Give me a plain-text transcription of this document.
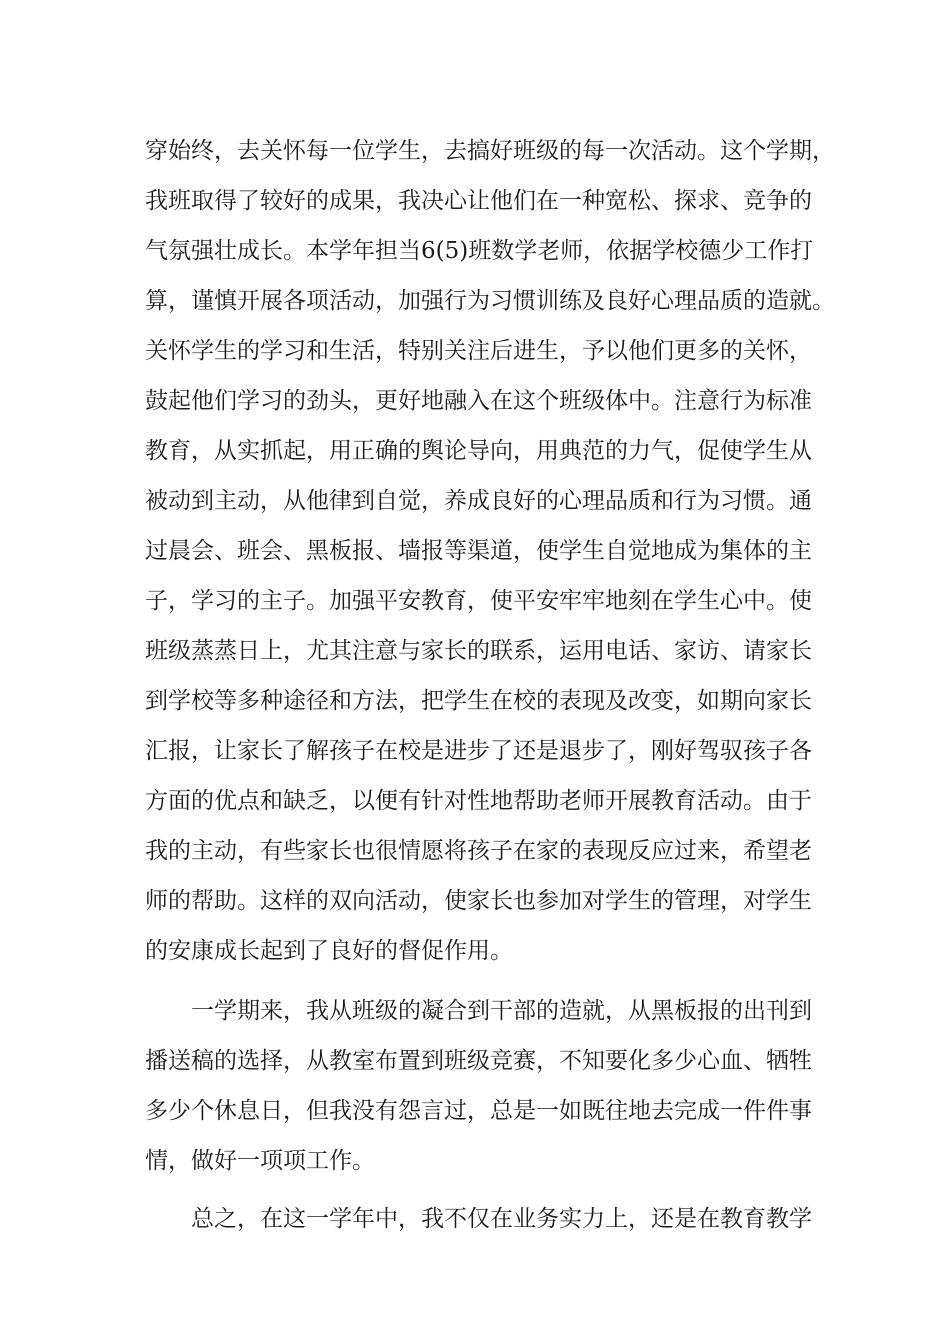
穿始终，去关怀每一位学生，去搞好班级的每一次活动。这个学期，
我班取得了较好的成果，我决心让他们在一种宽松、探求、竞争的
气氛强壮成长。本学年担当6(5)班数学老师，依据学校德少工作打
算，谨慎开展各项活动，加强行为习惯训练及良好心理品质的造就。
关怀学生的学习和生活，特别关注后进生，予以他们更多的关怀，
鼓起他们学习的劲头，更好地融入在这个班级体中。注意行为标准
教育，从实抓起，用正确的舆论导向，用典范的力气，促使学生从
被动到主动，从他律到自觉，养成良好的心理品质和行为习惯。通
过晨会、班会、黑板报、墙报等渠道，使学生自觉地成为集体的主
子，学习的主子。加强平安教育，使平安牢牢地刻在学生心中。使
班级蒸蒸日上，尤其注意与家长的联系，运用电话、家访、请家长
到学校等多种途径和方法，把学生在校的表现及改变，如期向家长
汇报，让家长了解孩子在校是进步了还是退步了，刚好驾驭孩子各
方面的优点和缺乏，以便有针对性地帮助老师开展教育活动。由于
我的主动，有些家长也很情愿将孩子在家的表现反应过来，希望老
师的帮助。这样的双向活动，使家长也参加对学生的管理，对学生
的安康成长起到了良好的督促作用。
一学期来，我从班级的凝合到干部的造就，从黑板报的出刊到
播送稿的选择，从教室布置到班级竞赛，不知要化多少心血、牺牲
多少个休息日，但我没有怨言过，总是一如既往地去完成一件件事
情，做好一项项工作。
总之，在这一学年中，我不仅在业务实力上，还是在教育教学
